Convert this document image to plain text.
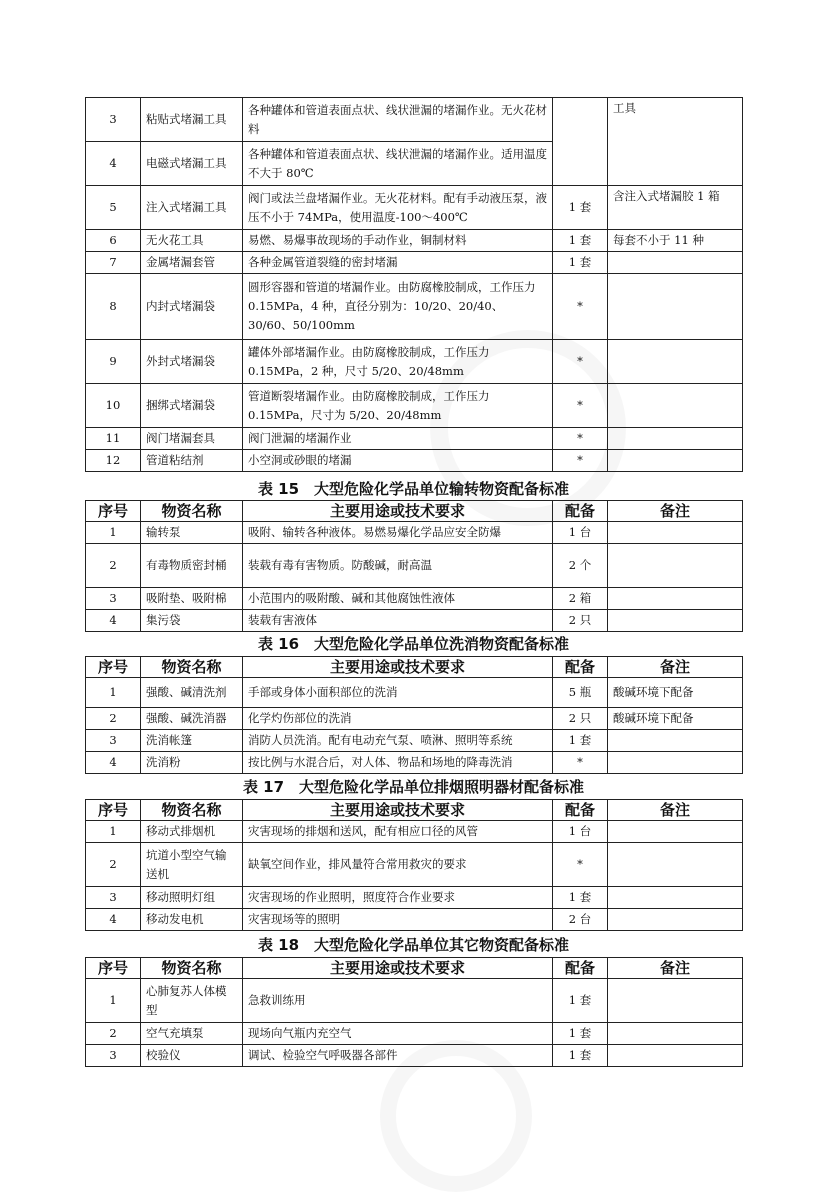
3	粘贴式堵漏工具	各种罐体和管道表面点状、线状泄漏的堵漏作业。无火花材料		工具
4	电磁式堵漏工具	各种罐体和管道表面点状、线状泄漏的堵漏作业。适用温度不大于 80℃		
5	注入式堵漏工具	阀门或法兰盘堵漏作业。无火花材料。配有手动液压泵，液压不小于 74MPa，使用温度-100～400℃	1 套	含注入式堵漏胶 1 箱
6	无火花工具	易燃、易爆事故现场的手动作业，铜制材料	1 套	每套不小于 11 种
7	金属堵漏套管	各种金属管道裂缝的密封堵漏	1 套	
8	内封式堵漏袋	圆形容器和管道的堵漏作业。由防腐橡胶制成，工作压力 0.15MPa，4 种，直径分别为：10/20、20/40、30/60、50/100mm	*	
9	外封式堵漏袋	罐体外部堵漏作业。由防腐橡胶制成，工作压力 0.15MPa，2 种，尺寸 5/20、20/48mm	*	
10	捆绑式堵漏袋	管道断裂堵漏作业。由防腐橡胶制成，工作压力 0.15MPa，尺寸为 5/20、20/48mm	*	
11	阀门堵漏套具	阀门泄漏的堵漏作业	*	
12	管道粘结剂	小空洞或砂眼的堵漏	*	
表 15　大型危险化学品单位输转物资配备标准
序号	物资名称	主要用途或技术要求	配备	备注
1	输转泵	吸附、输转各种液体。易燃易爆化学品应安全防爆	1 台	
2	有毒物质密封桶	装载有毒有害物质。防酸碱，耐高温	2 个	
3	吸附垫、吸附棉	小范围内的吸附酸、碱和其他腐蚀性液体	2 箱	
4	集污袋	装载有害液体	2 只	
表 16　大型危险化学品单位洗消物资配备标准
序号	物资名称	主要用途或技术要求	配备	备注
1	强酸、碱清洗剂	手部或身体小面积部位的洗消	5 瓶	酸碱环境下配备
2	强酸、碱洗消器	化学灼伤部位的洗消	2 只	酸碱环境下配备
3	洗消帐篷	消防人员洗消。配有电动充气泵、喷淋、照明等系统	1 套	
4	洗消粉	按比例与水混合后，对人体、物品和场地的降毒洗消	*	
表 17　大型危险化学品单位排烟照明器材配备标准
序号	物资名称	主要用途或技术要求	配备	备注
1	移动式排烟机	灾害现场的排烟和送风，配有相应口径的风管	1 台	
2	坑道小型空气输送机	缺氧空间作业，排风量符合常用救灾的要求	*	
3	移动照明灯组	灾害现场的作业照明，照度符合作业要求	1 套	
4	移动发电机	灾害现场等的照明	2 台	
表 18　大型危险化学品单位其它物资配备标准
序号	物资名称	主要用途或技术要求	配备	备注
1	心肺复苏人体模型	急救训练用	1 套	
2	空气充填泵	现场向气瓶内充空气	1 套	
3	校验仪	调试、检验空气呼吸器各部件	1 套	
